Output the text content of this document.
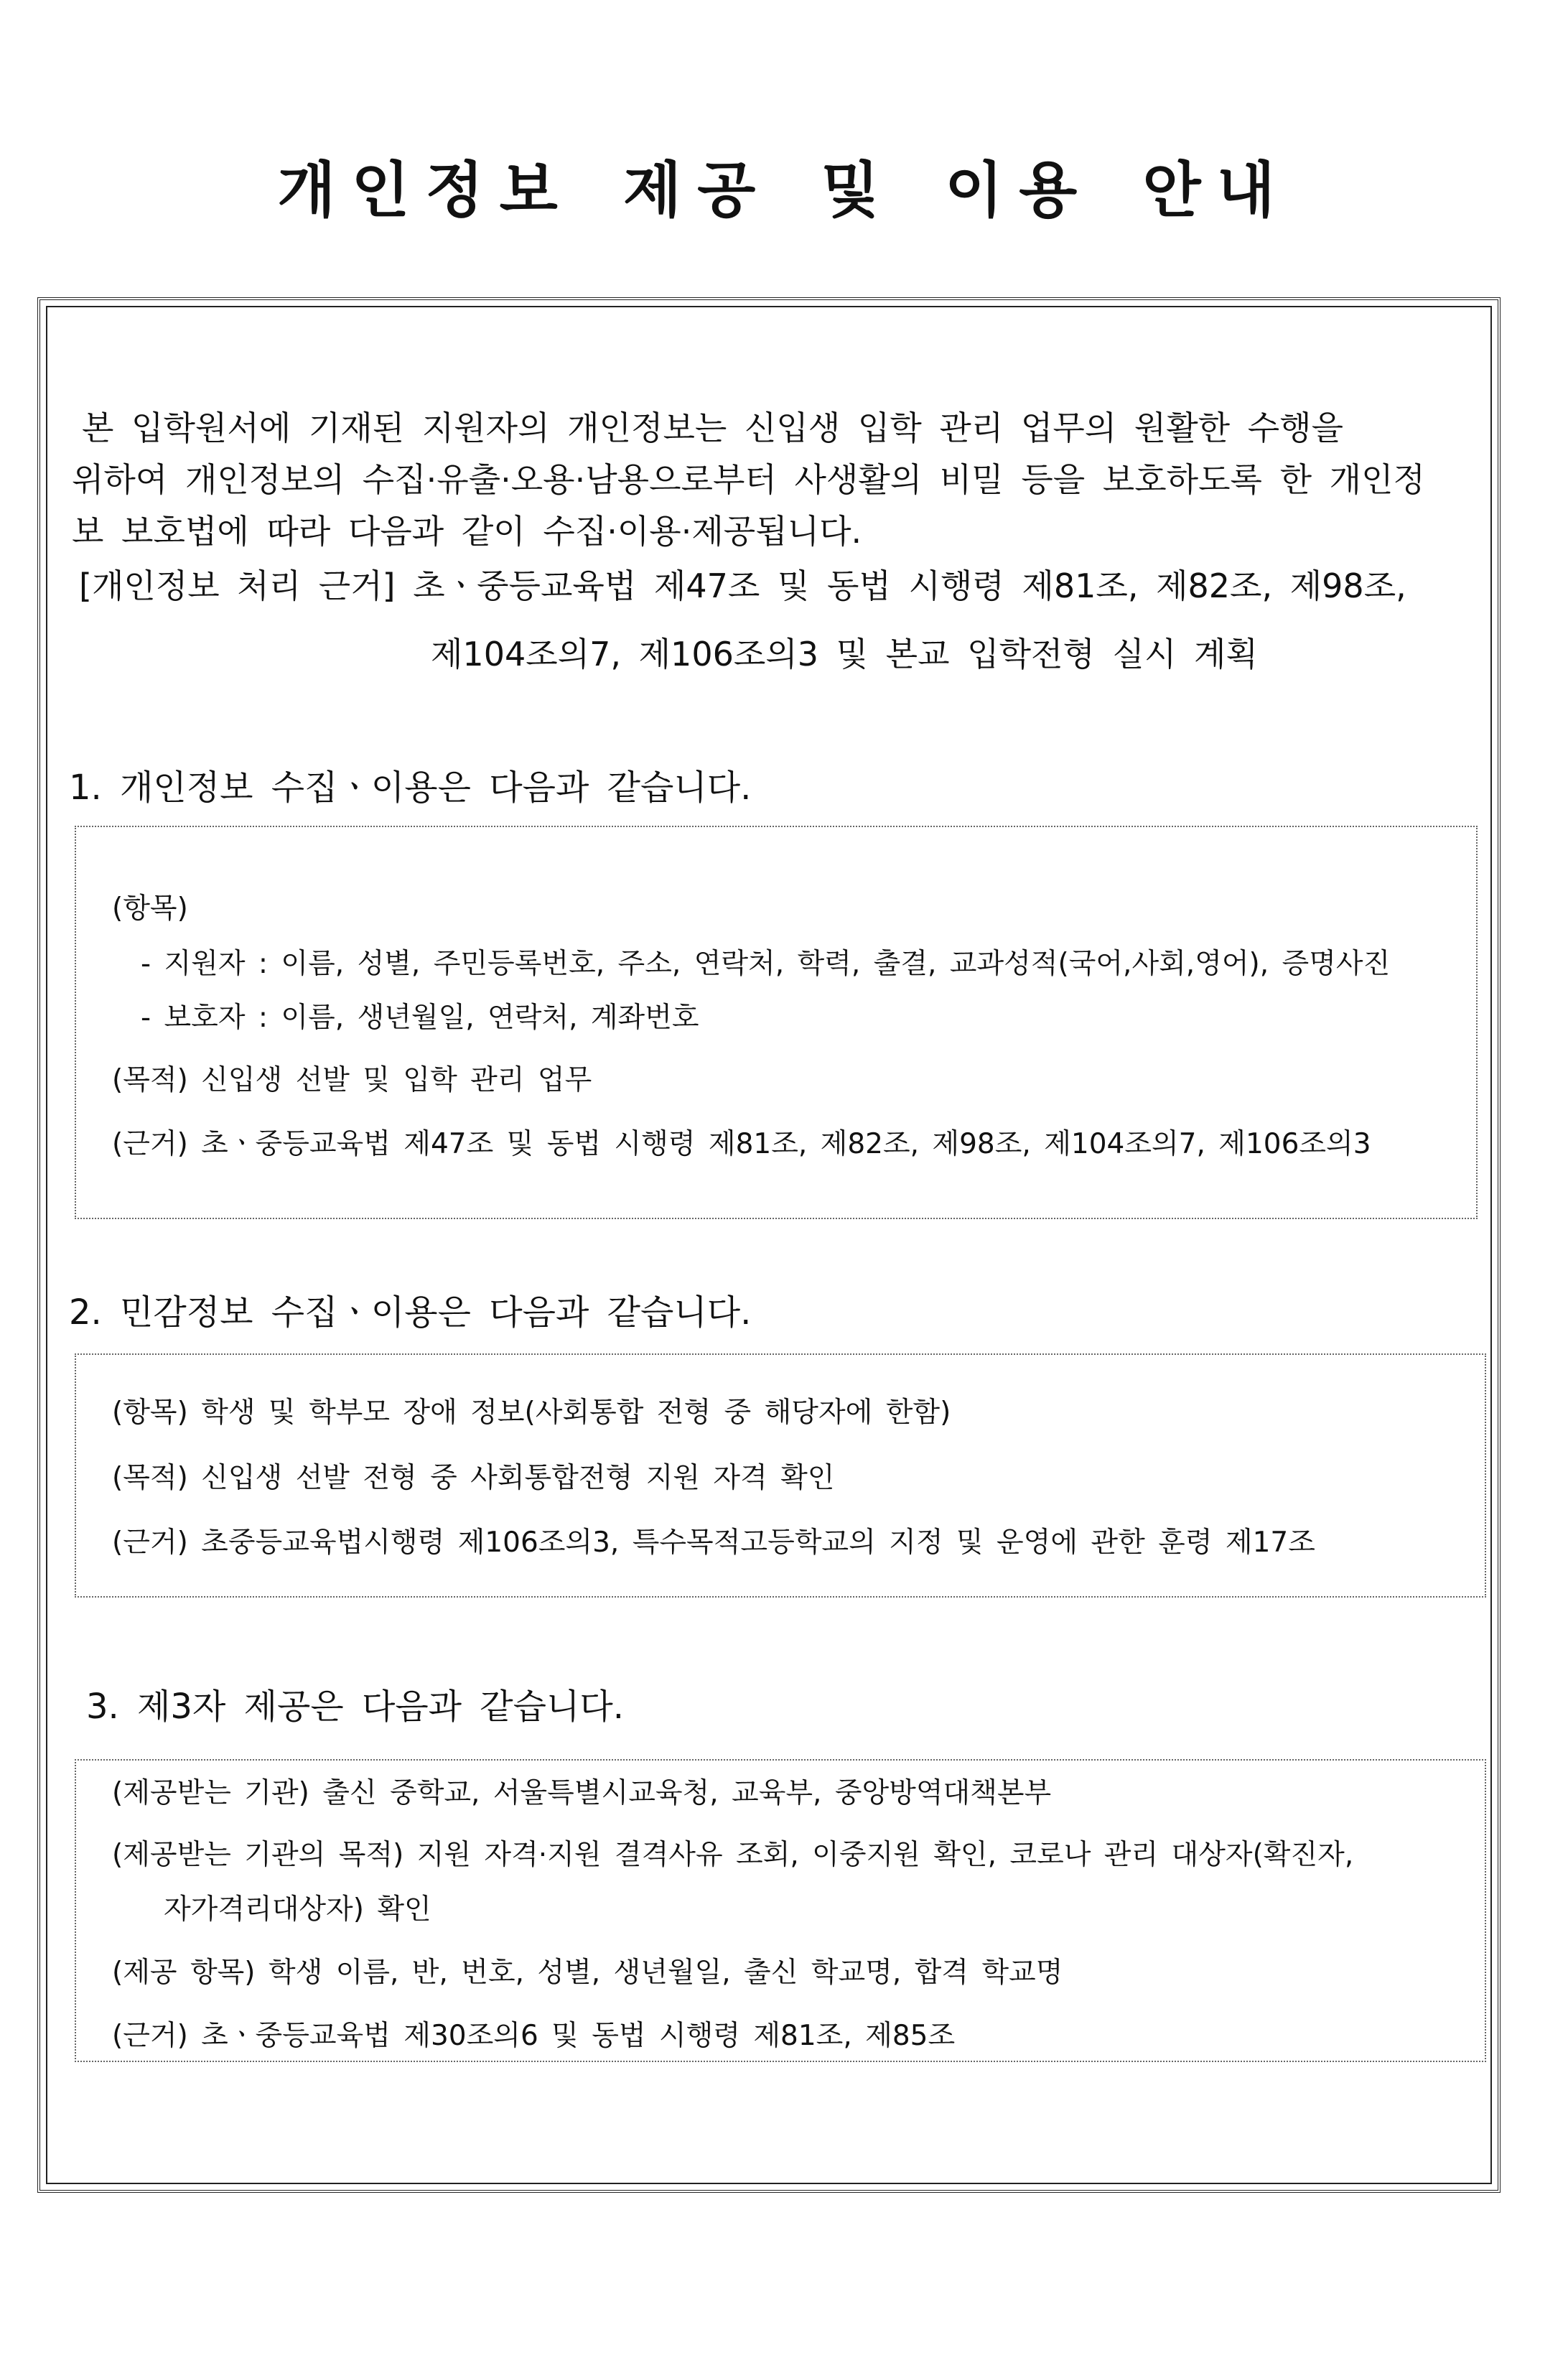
개인정보 제공 및 이용 안내

본 입학원서에 기재된 지원자의 개인정보는 신입생 입학 관리 업무의 원활한 수행을

위하여 개인정보의 수집·유출·오용·남용으로부터 사생활의 비밀 등을 보호하도록 한 개인정

보 보호법에 따라 다음과 같이 수집·이용·제공됩니다.

[개인정보 처리 근거] 초ㆍ중등교육법 제47조 및 동법 시행령 제81조, 제82조, 제98조,
제104조의7, 제106조의3 및 본교 입학전형 실시 계획
1. 개인정보 수집ㆍ이용은 다음과 같습니다.
(항목)
- 지원자 : 이름, 성별, 주민등록번호, 주소, 연락처, 학력, 출결, 교과성적(국어,사회,영어), 증명사진
- 보호자 : 이름, 생년월일, 연락처, 계좌번호
(목적) 신입생 선발 및 입학 관리 업무
(근거) 초ㆍ중등교육법 제47조 및 동법 시행령 제81조, 제82조, 제98조, 제104조의7, 제106조의3
2. 민감정보 수집ㆍ이용은 다음과 같습니다.
(항목) 학생 및 학부모 장애 정보(사회통합 전형 중 해당자에 한함)
(목적) 신입생 선발 전형 중 사회통합전형 지원 자격 확인
(근거) 초중등교육법시행령 제106조의3, 특수목적고등학교의 지정 및 운영에 관한 훈령 제17조
3. 제3자 제공은 다음과 같습니다.
(제공받는 기관) 출신 중학교, 서울특별시교육청, 교육부, 중앙방역대책본부
(제공받는 기관의 목적) 지원 자격·지원 결격사유 조회, 이중지원 확인, 코로나 관리 대상자(확진자,
자가격리대상자) 확인
(제공 항목) 학생 이름, 반, 번호, 성별, 생년월일, 출신 학교명, 합격 학교명
(근거) 초ㆍ중등교육법 제30조의6 및 동법 시행령 제81조, 제85조
